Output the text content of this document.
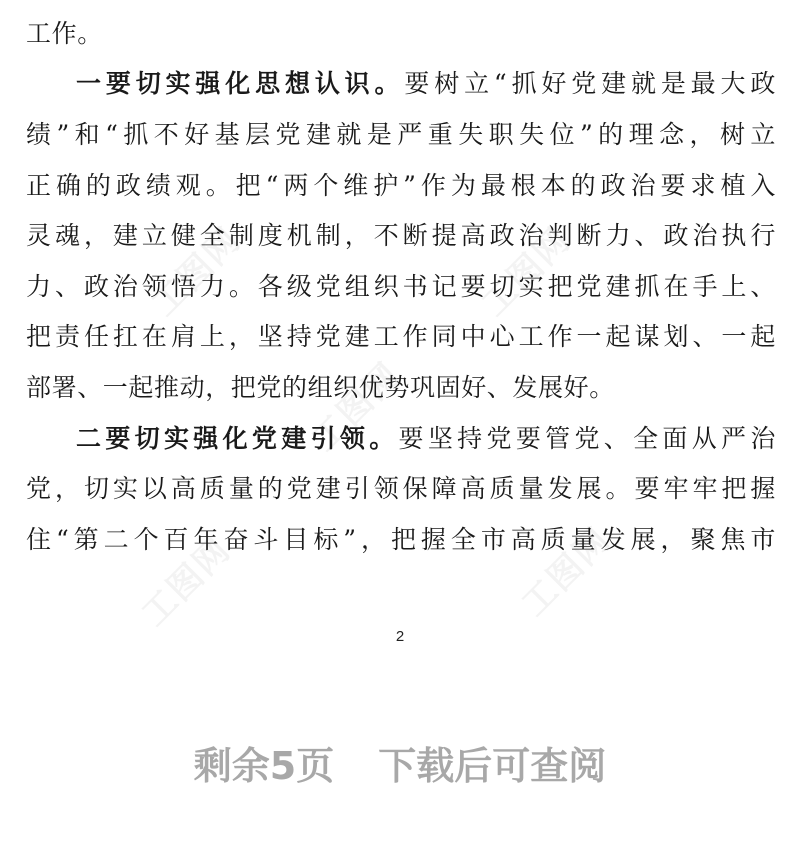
工图网	工图网
工图网
工图网	工图网
工作。
一要切实强化思想认识。要树立“抓好党建就是最大政
绩”和“抓不好基层党建就是严重失职失位”的理念，树立
正确的政绩观。把“两个维护”作为最根本的政治要求植入
灵魂，建立健全制度机制，不断提高政治判断力、政治执行
力、政治领悟力。各级党组织书记要切实把党建抓在手上、
把责任扛在肩上，坚持党建工作同中心工作一起谋划、一起
部署、一起推动，把党的组织优势巩固好、发展好。
二要切实强化党建引领。要坚持党要管党、全面从严治
党，切实以高质量的党建引领保障高质量发展。要牢牢把握
住“第二个百年奋斗目标”，把握全市高质量发展，聚焦市
2
剩余5页 下载后可查阅
